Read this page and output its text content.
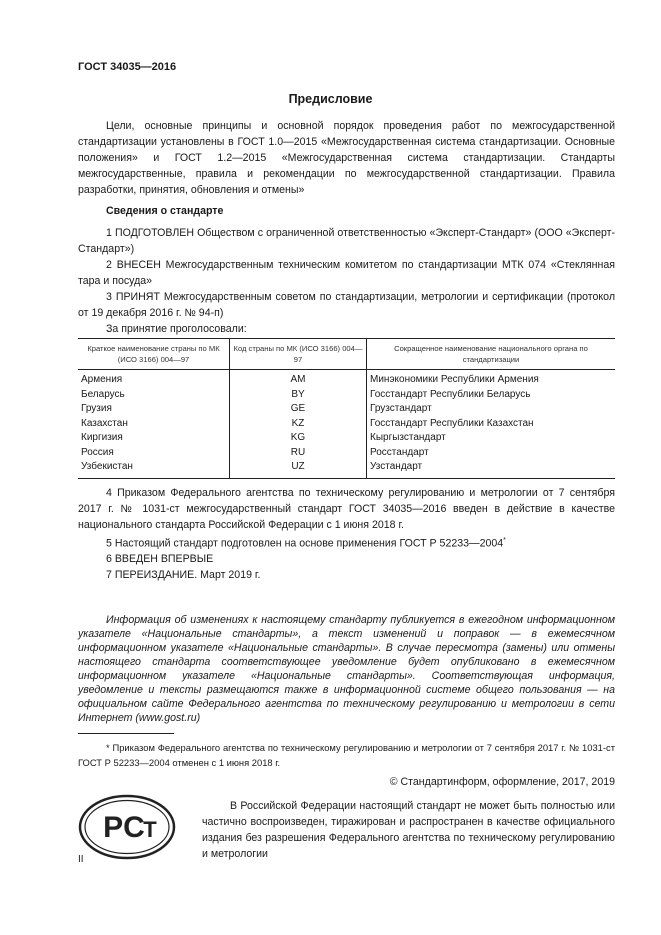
ГОСТ 34035—2016
Предисловие

Цели, основные принципы и основной порядок проведения работ по межгосударственной стандартизации установлены в ГОСТ 1.0—2015 «Межгосударственная система стандартизации. Основные положения» и ГОСТ 1.2—2015 «Межгосударственная система стандартизации. Стандарты межгосударственные, правила и рекомендации по межгосударственной стандартизации. Правила разработки, принятия, обновления и отмены»

Сведения о стандарте

1 ПОДГОТОВЛЕН Обществом с ограниченной ответственностью «Эксперт-Стандарт» (ООО «Эксперт-Стандарт»)

2 ВНЕСЕН Межгосударственным техническим комитетом по стандартизации МТК 074 «Стеклянная тара и посуда»

3 ПРИНЯТ Межгосударственным советом по стандартизации, метрологии и сертификации (протокол от 19 декабря 2016 г. № 94-п)

За принятие проголосовали:

Краткое наименование страны по МК (ИСО 3166) 004—97	Код страны по МК (ИСО 3166) 004—97	Сокращенное наименование национального органа по стандартизации
Армения	AM	Минэкономики Республики Армения
Беларусь	BY	Госстандарт Республики Беларусь
Грузия	GE	Грузстандарт
Казахстан	KZ	Госстандарт Республики Казахстан
Киргизия	KG	Кыргызстандарт
Россия	RU	Росстандарт
Узбекистан	UZ	Узстандарт

4 Приказом Федерального агентства по техническому регулированию и метрологии от 7 сентября 2017 г. № 1031-ст межгосударственный стандарт ГОСТ 34035—2016 введен в действие в качестве национального стандарта Российской Федерации с 1 июня 2018 г.

5 Настоящий стандарт подготовлен на основе применения ГОСТ Р 52233—2004*

6 ВВЕДЕН ВПЕРВЫЕ

7 ПЕРЕИЗДАНИЕ. Март 2019 г.

Информация об изменениях к настоящему стандарту публикуется в ежегодном информационном указателе «Национальные стандарты», а текст изменений и поправок — в ежемесячном информационном указателе «Национальные стандарты». В случае пересмотра (замены) или отмены настоящего стандарта соответствующее уведомление будет опубликовано в ежемесячном информационном указателе «Национальные стандарты». Соответствующая информация, уведомление и тексты размещаются также в информационной системе общего пользования — на официальном сайте Федерального агентства по техническому регулированию и метрологии в сети Интернет (www.gost.ru)

* Приказом Федерального агентства по техническому регулированию и метрологии от 7 сентября 2017 г. № 1031-ст ГОСТ Р 52233—2004 отменен с 1 июня 2018 г.

© Стандартинформ, оформление, 2017, 2019
PC
T
II

В Российской Федерации настоящий стандарт не может быть полностью или частично воспроизведен, тиражирован и распространен в качестве официального издания без разрешения Федерального агентства по техническому регулированию и метрологии
